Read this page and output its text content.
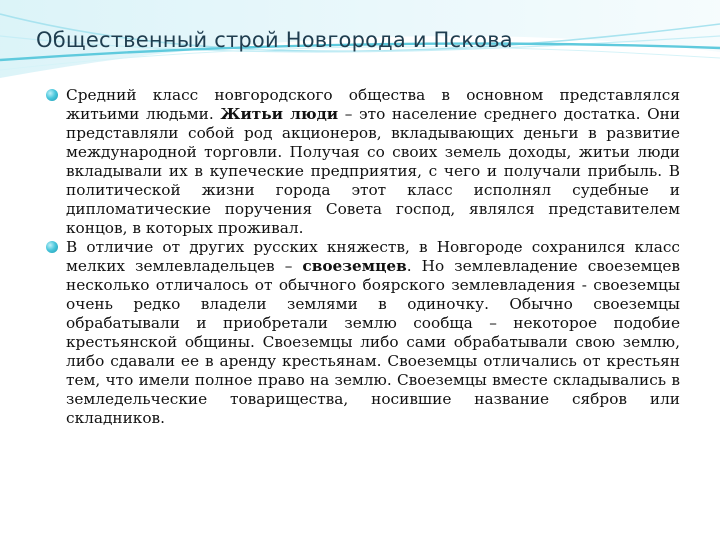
Общественный строй Новгорода и Пскова

Средний класс новгородского общества в основном представлялся житьими людьми. Житьи люди – это население среднего достатка. Они представляли собой род акционеров, вкладывающих деньги в развитие международной торговли. Получая со своих земель доходы, житьи люди вкладывали их в купеческие предприятия, с чего и получали прибыль. В политической жизни города этот класс исполнял судебные и дипломатические поручения Совета господ, являлся представителем концов, в которых проживал.

В отличие от других русских княжеств, в Новгороде сохранился класс мелких землевладельцев – своеземцев. Но землевладение своеземцев несколько отличалось от обычного боярского землевладения - своеземцы очень редко владели землями в одиночку. Обычно своеземцы обрабатывали и приобретали землю сообща – некоторое подобие крестьянской общины. Своеземцы либо сами обрабатывали свою землю, либо сдавали ее в аренду крестьянам. Своеземцы отличались от крестьян тем, что имели полное право на землю. Своеземцы вместе складывались в земледельческие товарищества, носившие название сябров или складников.
